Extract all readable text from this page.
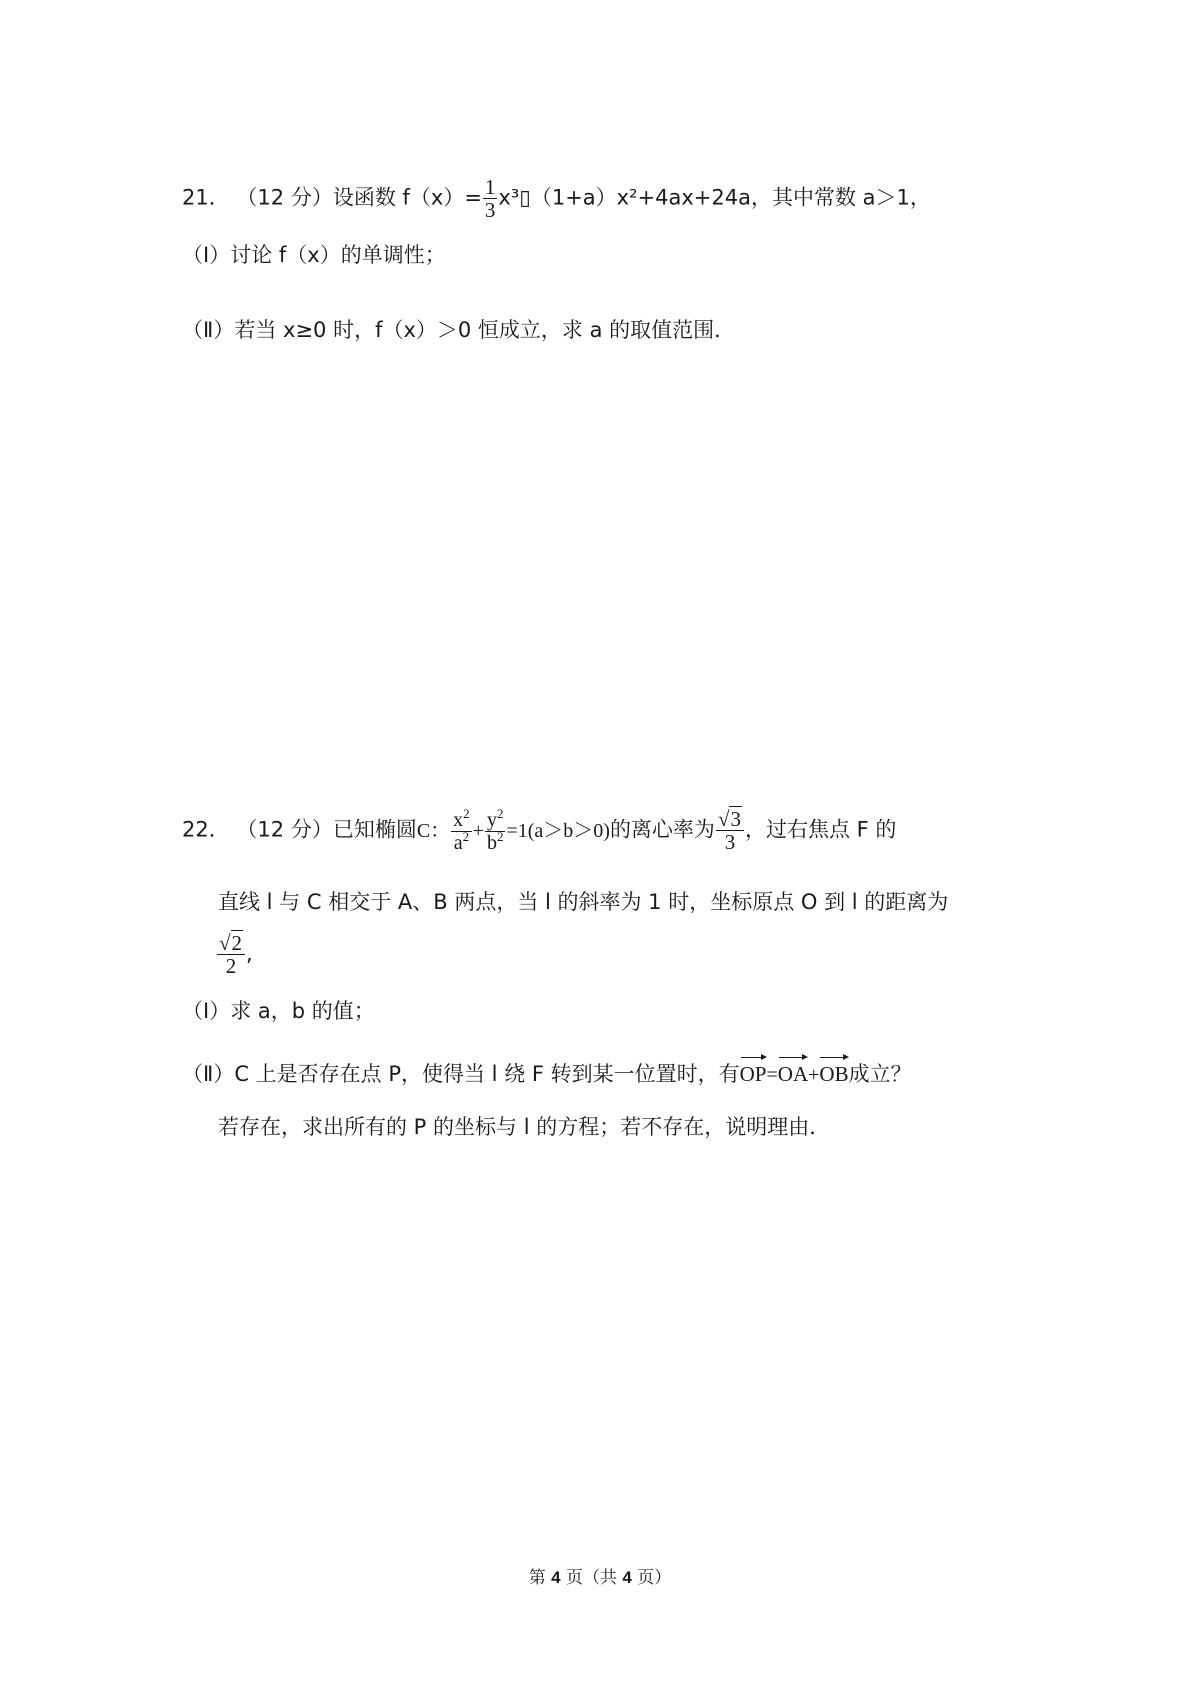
21． （12 分）设函数 $f(x)= \frac{1}{3}$ x³▯（1+a）x²+4ax+24a，其中常数 a＞1，
（Ⅰ）讨论 f（x）的单调性；
（Ⅱ）若当 x≥0 时，f（x）＞0 恒成立，求 a 的取值范围．
22． （12 分）已知椭圆C： $\frac{x^2}{a^2} + \frac{y^2}{b^2} =1(a>b>0)$的离心率为 $\frac{√3}{3}$ ，过右焦点 F 的
直线 l 与 C 相交于 A、B 两点，当 l 的斜率为 1 时，坐标原点 O 到 l 的距离为
$\frac{√2}{2}$ ,
（Ⅰ）求 a，b 的值；
（Ⅱ）C 上是否存在点 P，使得当 l 绕 F 转到某一位置时，有OP=OA+OB成立？
若存在，求出所有的 P 的坐标与 l 的方程；若不存在，说明理由．
第 4 页（共 4 页）
